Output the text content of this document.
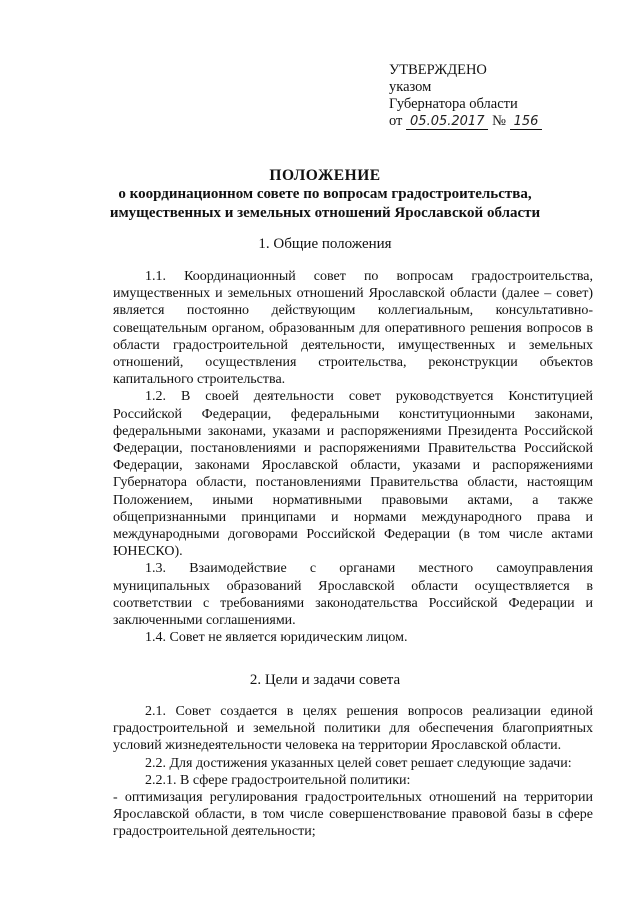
УТВЕРЖДЕНО
указом
Губернатора области
от 05.05.2017 № 156
ПОЛОЖЕНИЕ
о координационном совете по вопросам градостроительства,
имущественных и земельных отношений Ярославской области
1. Общие положения

1.1. Координационный совет по вопросам градостроительства, имущественных и земельных отношений Ярославской области (далее – совет) является постоянно действующим коллегиальным, консультативно-совещательным органом, образованным для оперативного решения вопросов в области градостроительной деятельности, имущественных и земельных отношений, осуществления строительства, реконструкции объектов капитального строительства.

1.2. В своей деятельности совет руководствуется Конституцией Российской Федерации, федеральными конституционными законами, федеральными законами, указами и распоряжениями Президента Российской Федерации, постановлениями и распоряжениями Правительства Российской Федерации, законами Ярославской области, указами и распоряжениями Губернатора области, постановлениями Правительства области, настоящим Положением, иными нормативными правовыми актами, а также общепризнанными принципами и нормами международного права и международными договорами Российской Федерации (в том числе актами ЮНЕСКО).

1.3. Взаимодействие с органами местного самоуправления муниципальных образований Ярославской области осуществляется в соответствии с требованиями законодательства Российской Федерации и заключенными соглашениями.

1.4. Совет не является юридическим лицом.

2. Цели и задачи совета

2.1. Совет создается в целях решения вопросов реализации единой градостроительной и земельной политики для обеспечения благоприятных условий жизнедеятельности человека на территории Ярославской области.

2.2. Для достижения указанных целей совет решает следующие задачи:

2.2.1. В сфере градостроительной политики:

- оптимизация регулирования градостроительных отношений на территории Ярославской области, в том числе совершенствование правовой базы в сфере градостроительной деятельности;
